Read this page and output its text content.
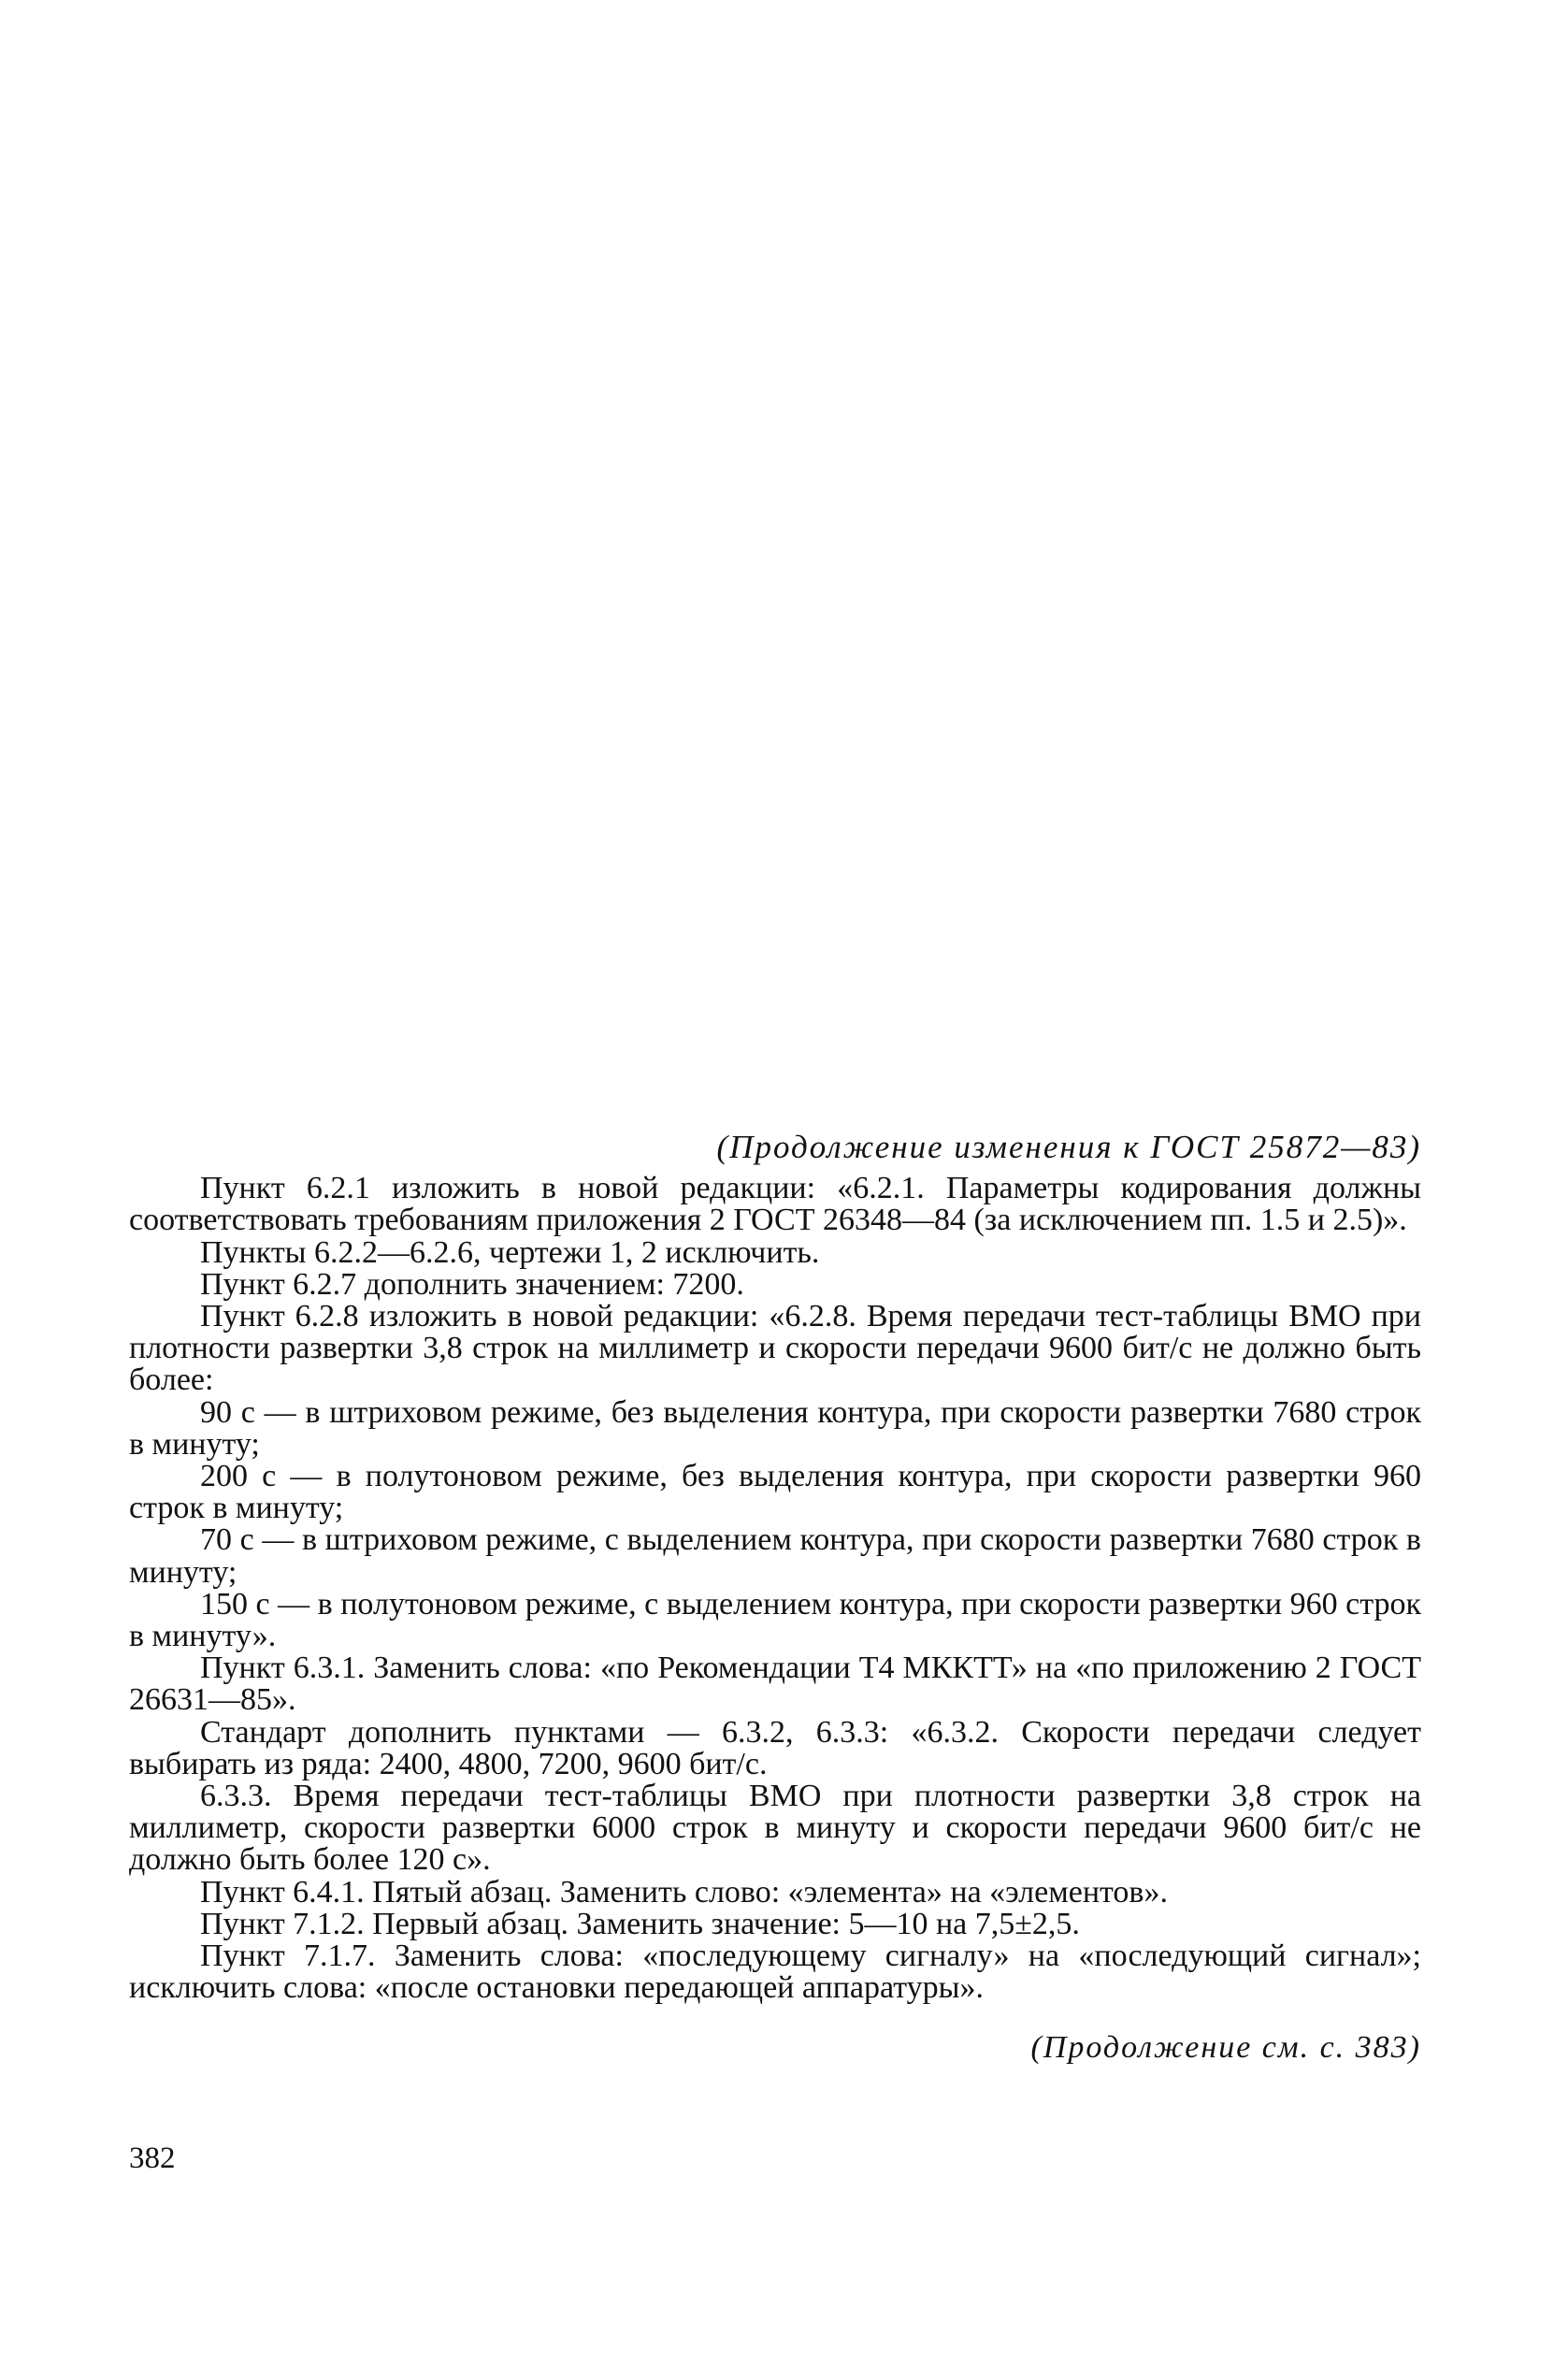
(Продолжение изменения к ГОСТ 25872—83)

Пункт 6.2.1 изложить в новой редакции: «6.2.1. Параметры кодирования должны соответствовать требованиям приложения 2 ГОСТ 26348—84 (за исключением пп. 1.5 и 2.5)».

Пункты 6.2.2—6.2.6, чертежи 1, 2 исключить.

Пункт 6.2.7 дополнить значением: 7200.

Пункт 6.2.8 изложить в новой редакции: «6.2.8. Время передачи тест-таблицы ВМО при плотности развертки 3,8 строк на миллиметр и скорости передачи 9600 бит/с не должно быть более:

90 с — в штриховом режиме, без выделения контура, при скорости развертки 7680 строк в минуту;

200 с — в полутоновом режиме, без выделения контура, при скорости развертки 960 строк в минуту;

70 с — в штриховом режиме, с выделением контура, при скорости развертки 7680 строк в минуту;

150 с — в полутоновом режиме, с выделением контура, при скорости развертки 960 строк в минуту».

Пункт 6.3.1. Заменить слова: «по Рекомендации Т4 МККТТ» на «по приложению 2 ГОСТ 26631—85».

Стандарт дополнить пунктами — 6.3.2, 6.3.3: «6.3.2. Скорости передачи следует выбирать из ряда: 2400, 4800, 7200, 9600 бит/с.

6.3.3. Время передачи тест-таблицы ВМО при плотности развертки 3,8 строк на миллиметр, скорости развертки 6000 строк в минуту и скорости передачи 9600 бит/с не должно быть более 120 с».

Пункт 6.4.1. Пятый абзац. Заменить слово: «элемента» на «элементов».

Пункт 7.1.2. Первый абзац. Заменить значение: 5—10 на 7,5±2,5.

Пункт 7.1.7. Заменить слова: «последующему сигналу» на «последующий сигнал»; исключить слова: «после остановки передающей аппаратуры».

(Продолжение см. с. 383)
382
